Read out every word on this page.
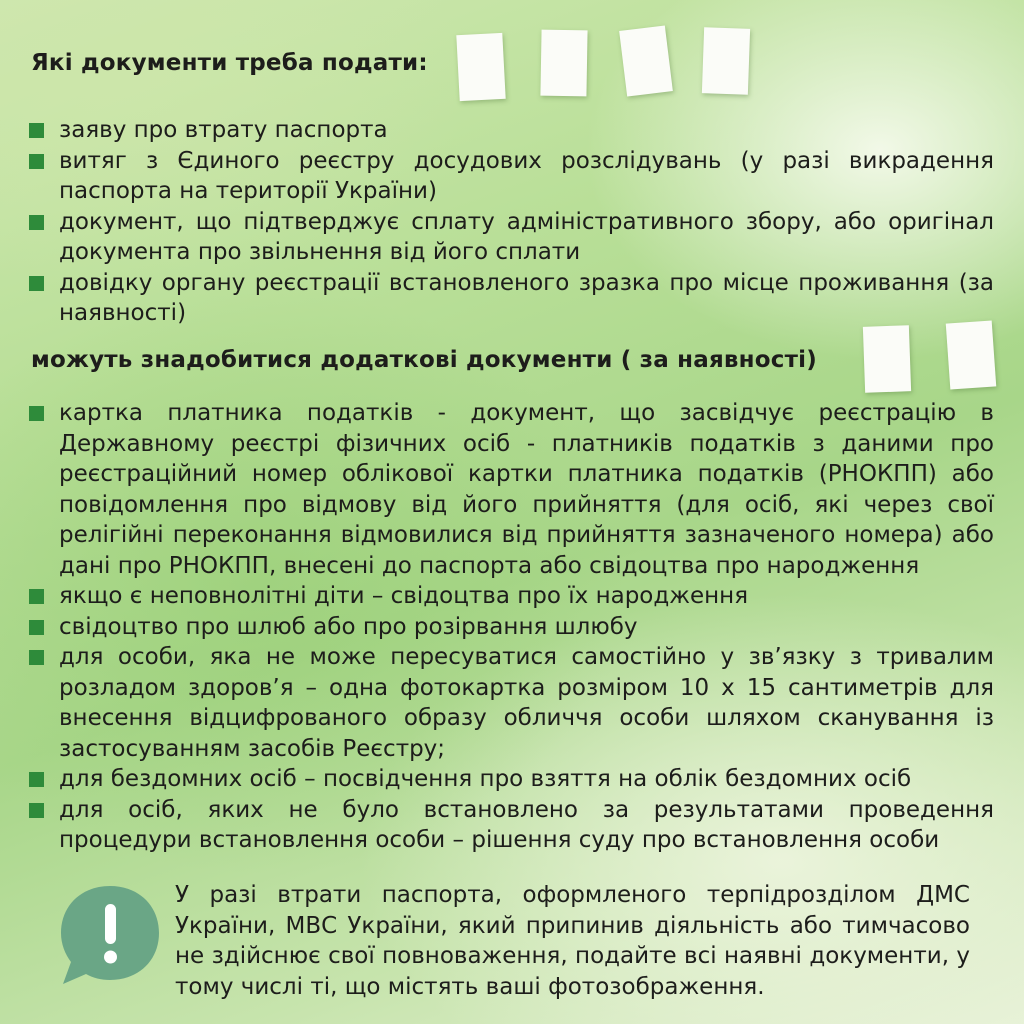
Які документи треба подати:
заяву про втрату паспорта
витяг з Єдиного реєстру досудових розслідувань (у разі викрадення паспорта на території України)
документ, що підтверджує сплату адміністративного збору, або оригінал документа про звільнення від його сплати
довідку органу реєстрації встановленого зразка про місце проживання (за наявності)
можуть знадобитися додаткові документи ( за наявності)
картка платника податків - документ, що засвідчує реєстрацію в Державному реєстрі фізичних осіб - платників податків з даними про реєстраційний номер облікової картки платника податків (РНОКПП) або повідомлення про відмову від його прийняття (для осіб, які через свої релігійні переконання відмовилися від прийняття зазначеного номера) або дані про РНОКПП, внесені до паспорта або свідоцтва про народження
якщо є неповнолітні діти – свідоцтва про їх народження
свідоцтво про шлюб або про розірвання шлюбу
для особи, яка не може пересуватися самостійно у зв’язку з тривалим розладом здоров’я – одна фотокартка розміром 10 х 15 сантиметрів для внесення відцифрованого образу обличчя особи шляхом сканування із застосуванням засобів Реєстру;
для бездомних осіб – посвідчення про взяття на облік бездомних осіб
для осіб, яких не було встановлено за результатами проведення процедури встановлення особи – рішення суду про встановлення особи

У разі втрати паспорта, оформленого терпідрозділом ДМС України, МВС України, який припинив діяльність або тимчасово не здійснює свої повноваження, подайте всі наявні документи, у тому числі ті, що містять ваші фотозображення.
